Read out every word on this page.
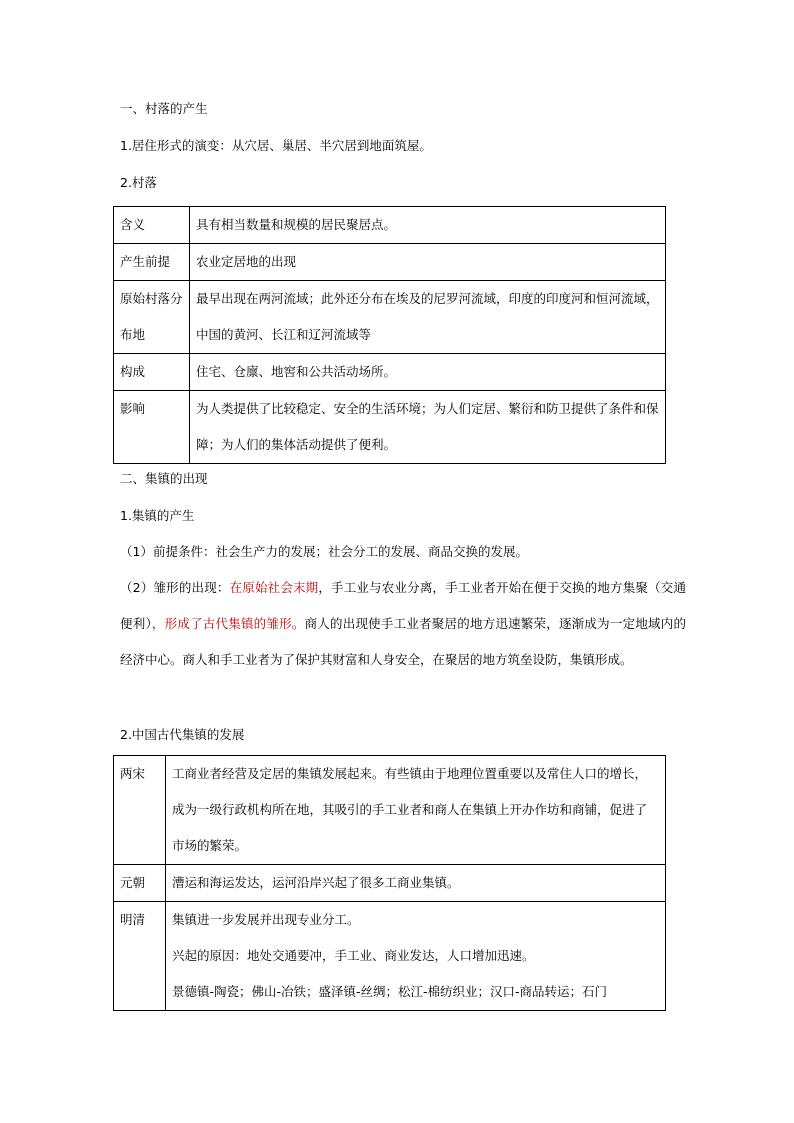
一、村落的产生
1.居住形式的演变：从穴居、巢居、半穴居到地面筑屋。
2.村落
含义	具有相当数量和规模的居民聚居点。
产生前提	农业定居地的出现
原始村落分布地	最早出现在两河流域；此外还分布在埃及的尼罗河流域，印度的印度河和恒河流域，中国的黄河、长江和辽河流域等
构成	住宅、仓廪、地窖和公共活动场所。
影响	为人类提供了比较稳定、安全的生活环境；为人们定居、繁衍和防卫提供了条件和保障；为人们的集体活动提供了便利。
二、集镇的出现
1.集镇的产生
（1）前提条件：社会生产力的发展；社会分工的发展、商品交换的发展。
（2）雏形的出现：在原始社会末期，手工业与农业分离，手工业者开始在便于交换的地方集聚（交通便利），形成了古代集镇的雏形。商人的出现使手工业者聚居的地方迅速繁荣，逐渐成为一定地域内的经济中心。商人和手工业者为了保护其财富和人身安全，在聚居的地方筑垒设防，集镇形成。
2.中国古代集镇的发展
两宋	工商业者经营及定居的集镇发展起来。有些镇由于地理位置重要以及常住人口的增长，成为一级行政机构所在地，其吸引的手工业者和商人在集镇上开办作坊和商铺，促进了市场的繁荣。
元朝	漕运和海运发达，运河沿岸兴起了很多工商业集镇。
明清	集镇进一步发展并出现专业分工。
兴起的原因：地处交通要冲，手工业、商业发达，人口增加迅速。
景德镇-陶瓷；佛山-冶铁；盛泽镇-丝绸；松江-棉纺织业；汉口-商品转运；石门
